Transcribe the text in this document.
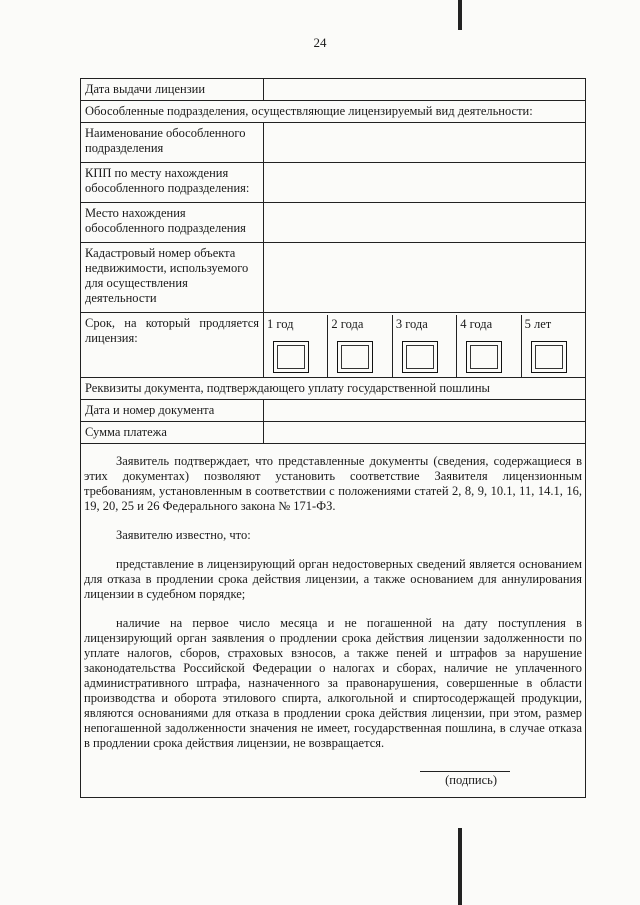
24
Дата выдачи лицензии	
Обособленные подразделения, осуществляющие лицензируемый вид деятельности:	
Наименование обособленного подразделения	
КПП по месту нахождения обособленного подразделения:	
Место нахождения обособленного подразделения	
Кадастровый номер объекта недвижимости, используемого для осуществления деятельности	
Срок, на который продляется лицензия:	1 год 2 года 3 года 4 года 5 лет

Реквизиты документа, подтверждающего уплату государственной пошлины	
Дата и номер документа	
Сумма платежа	

Заявитель подтверждает, что представленные документы (сведения, содержащиеся в этих документах) позволяют установить соответствие Заявителя лицензионным требованиям, установленным в соответствии с положениями статей 2, 8, 9, 10.1, 11, 14.1, 16, 19, 20, 25 и 26 Федерального закона № 171-ФЗ.

Заявителю известно, что:

представление в лицензирующий орган недостоверных сведений является основанием для отказа в продлении срока действия лицензии, а также основанием для аннулирования лицензии в судебном порядке;

наличие на первое число месяца и не погашенной на дату поступления в лицензирующий орган заявления о продлении срока действия лицензии задолженности по уплате налогов, сборов, страховых взносов, а также пеней и штрафов за нарушение законодательства Российской Федерации о налогах и сборах, наличие не уплаченного административного штрафа, назначенного за правонарушения, совершенные в области производства и оборота этилового спирта, алкогольной и спиртосодержащей продукции, являются основаниями для отказа в продлении срока действия лицензии, при этом, размер непогашенной задолженности значения не имеет, государственная пошлина, в случае отказа в продлении срока действия лицензии, не возвращается.

(подпись)	
